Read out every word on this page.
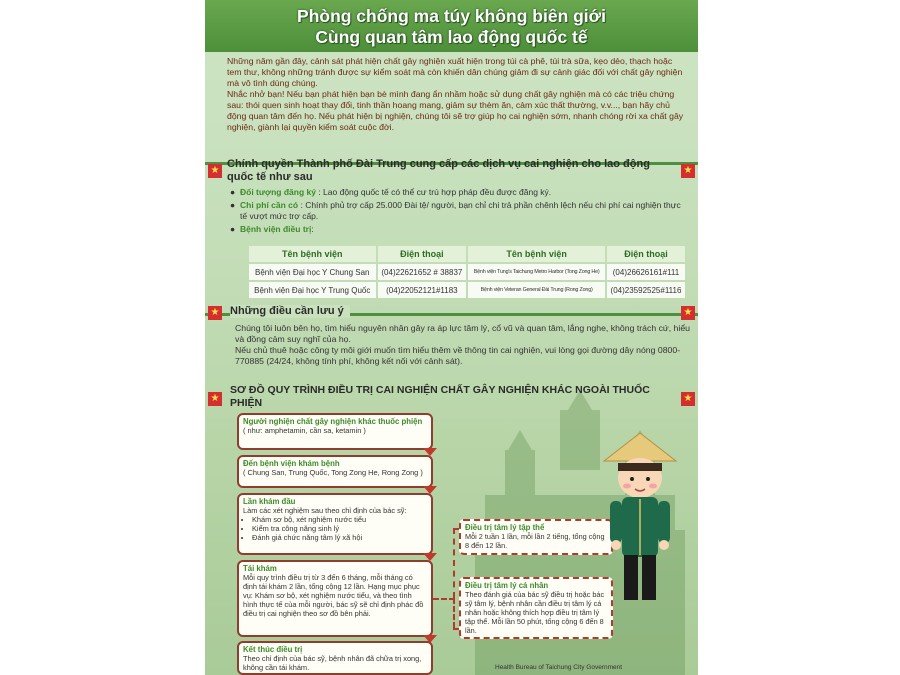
Phòng chống ma túy không biên giới
Cùng quan tâm lao động quốc tế

Những năm gần đây, cảnh sát phát hiện chất gây nghiện xuất hiện trong túi cà phê, túi trà sữa, kẹo dẻo, thạch hoặc tem thư, không những tránh được sự kiểm soát mà còn khiến dân chúng giảm đi sự cảnh giác đối với chất gây nghiện mà vô tình dùng chúng.

Nhắc nhở bạn! Nếu bạn phát hiện bạn bè mình đang ẩn nhầm hoặc sử dụng chất gây nghiện mà có các triệu chứng sau: thói quen sinh hoạt thay đổi, tinh thần hoang mang, giảm sự thèm ăn, cảm xúc thất thường, v.v..., bạn hãy chủ động quan tâm đến họ. Nếu phát hiện bị nghiện, chúng tôi sẽ trợ giúp họ cai nghiện sớm, nhanh chóng rời xa chất gây nghiện, giành lại quyền kiểm soát cuộc đời.

★	★
Chính quyền Thành phố Đài Trung cung cấp các dịch vụ cai nghiện cho lao động quốc tế như sau
● Đối tượng đăng ký : Lao động quốc tế có thể cư trú hợp pháp đều được đăng ký.
● Chi phí cần có : Chính phủ trợ cấp 25.000 Đài tệ/ người, bạn chỉ chi trả phần chênh lệch nếu chi phí cai nghiện thực tế vượt mức trợ cấp.
● Bệnh viện điều trị:
Tên bệnh viện	Điện thoại	Tên bệnh viện	Điện thoại
Bệnh viện Đại học Y Chung San	(04)22621652 # 38837	Bệnh viện Tung's Taichung Metro Harbor (Tong Zong He)	(04)26626161#111
Bệnh viện Đại học Y Trung Quốc	(04)22052121#1183	Bệnh viện Veteran General Đài Trung (Rong Zong)	(04)23592525#1116
★	★
Những điều cần lưu ý

Chúng tôi luôn bên họ, tìm hiểu nguyên nhân gây ra áp lực tâm lý, cổ vũ và quan tâm, lắng nghe, không trách cứ, hiểu và đồng cảm suy nghĩ của họ.

Nếu chủ thuê hoặc công ty môi giới muốn tìm hiểu thêm về thông tin cai nghiện, vui lòng gọi đường dây nóng 0800-770885 (24/24, không tính phí, không kết nối với cảnh sát).

★	★
SƠ ĐỒ QUY TRÌNH ĐIỀU TRỊ CAI NGHIỆN CHẤT GÂY NGHIỆN KHÁC NGOÀI THUỐC PHIỆN
Người nghiện chất gây nghiện khác thuốc phiện
( như: amphetamin, cần sa, ketamin )
Đến bệnh viện khám bệnh
( Chung San, Trung Quốc, Tong Zong He, Rong Zong )
Lần khám đầu
Làm các xét nghiệm sau theo chỉ định của bác sỹ:
• Khám sơ bộ, xét nghiệm nước tiểu
• Kiểm tra công năng sinh lý
• Đánh giá chức năng tâm lý xã hội
Tái khám
Mỗi quy trình điều trị từ 3 đến 6 tháng, mỗi tháng có định tái khám 2 lần, tổng cộng 12 lần. Hạng mục phục vụ: Khám sơ bộ, xét nghiệm nước tiểu, và theo tình hình thực tế của mỗi người, bác sỹ sẽ chỉ định phác đồ điều trị cai nghiện theo sơ đồ bên phải.
Kết thúc điều trị
Theo chỉ định của bác sỹ, bệnh nhân đã chữa trị xong, không cần tái khám.
Điều trị tâm lý tập thể
Mỗi 2 tuần 1 lần, mỗi lần 2 tiếng, tổng cộng 8 đến 12 lần.
Điều trị tâm lý cá nhân
Theo đánh giá của bác sỹ điều trị hoặc bác sỹ tâm lý, bệnh nhân cần điều trị tâm lý cá nhân hoặc không thích hợp điều trị tâm lý tập thể. Mỗi lần 50 phút, tổng cộng 6 đến 8 lần.
Health Bureau of Taichung City Government
